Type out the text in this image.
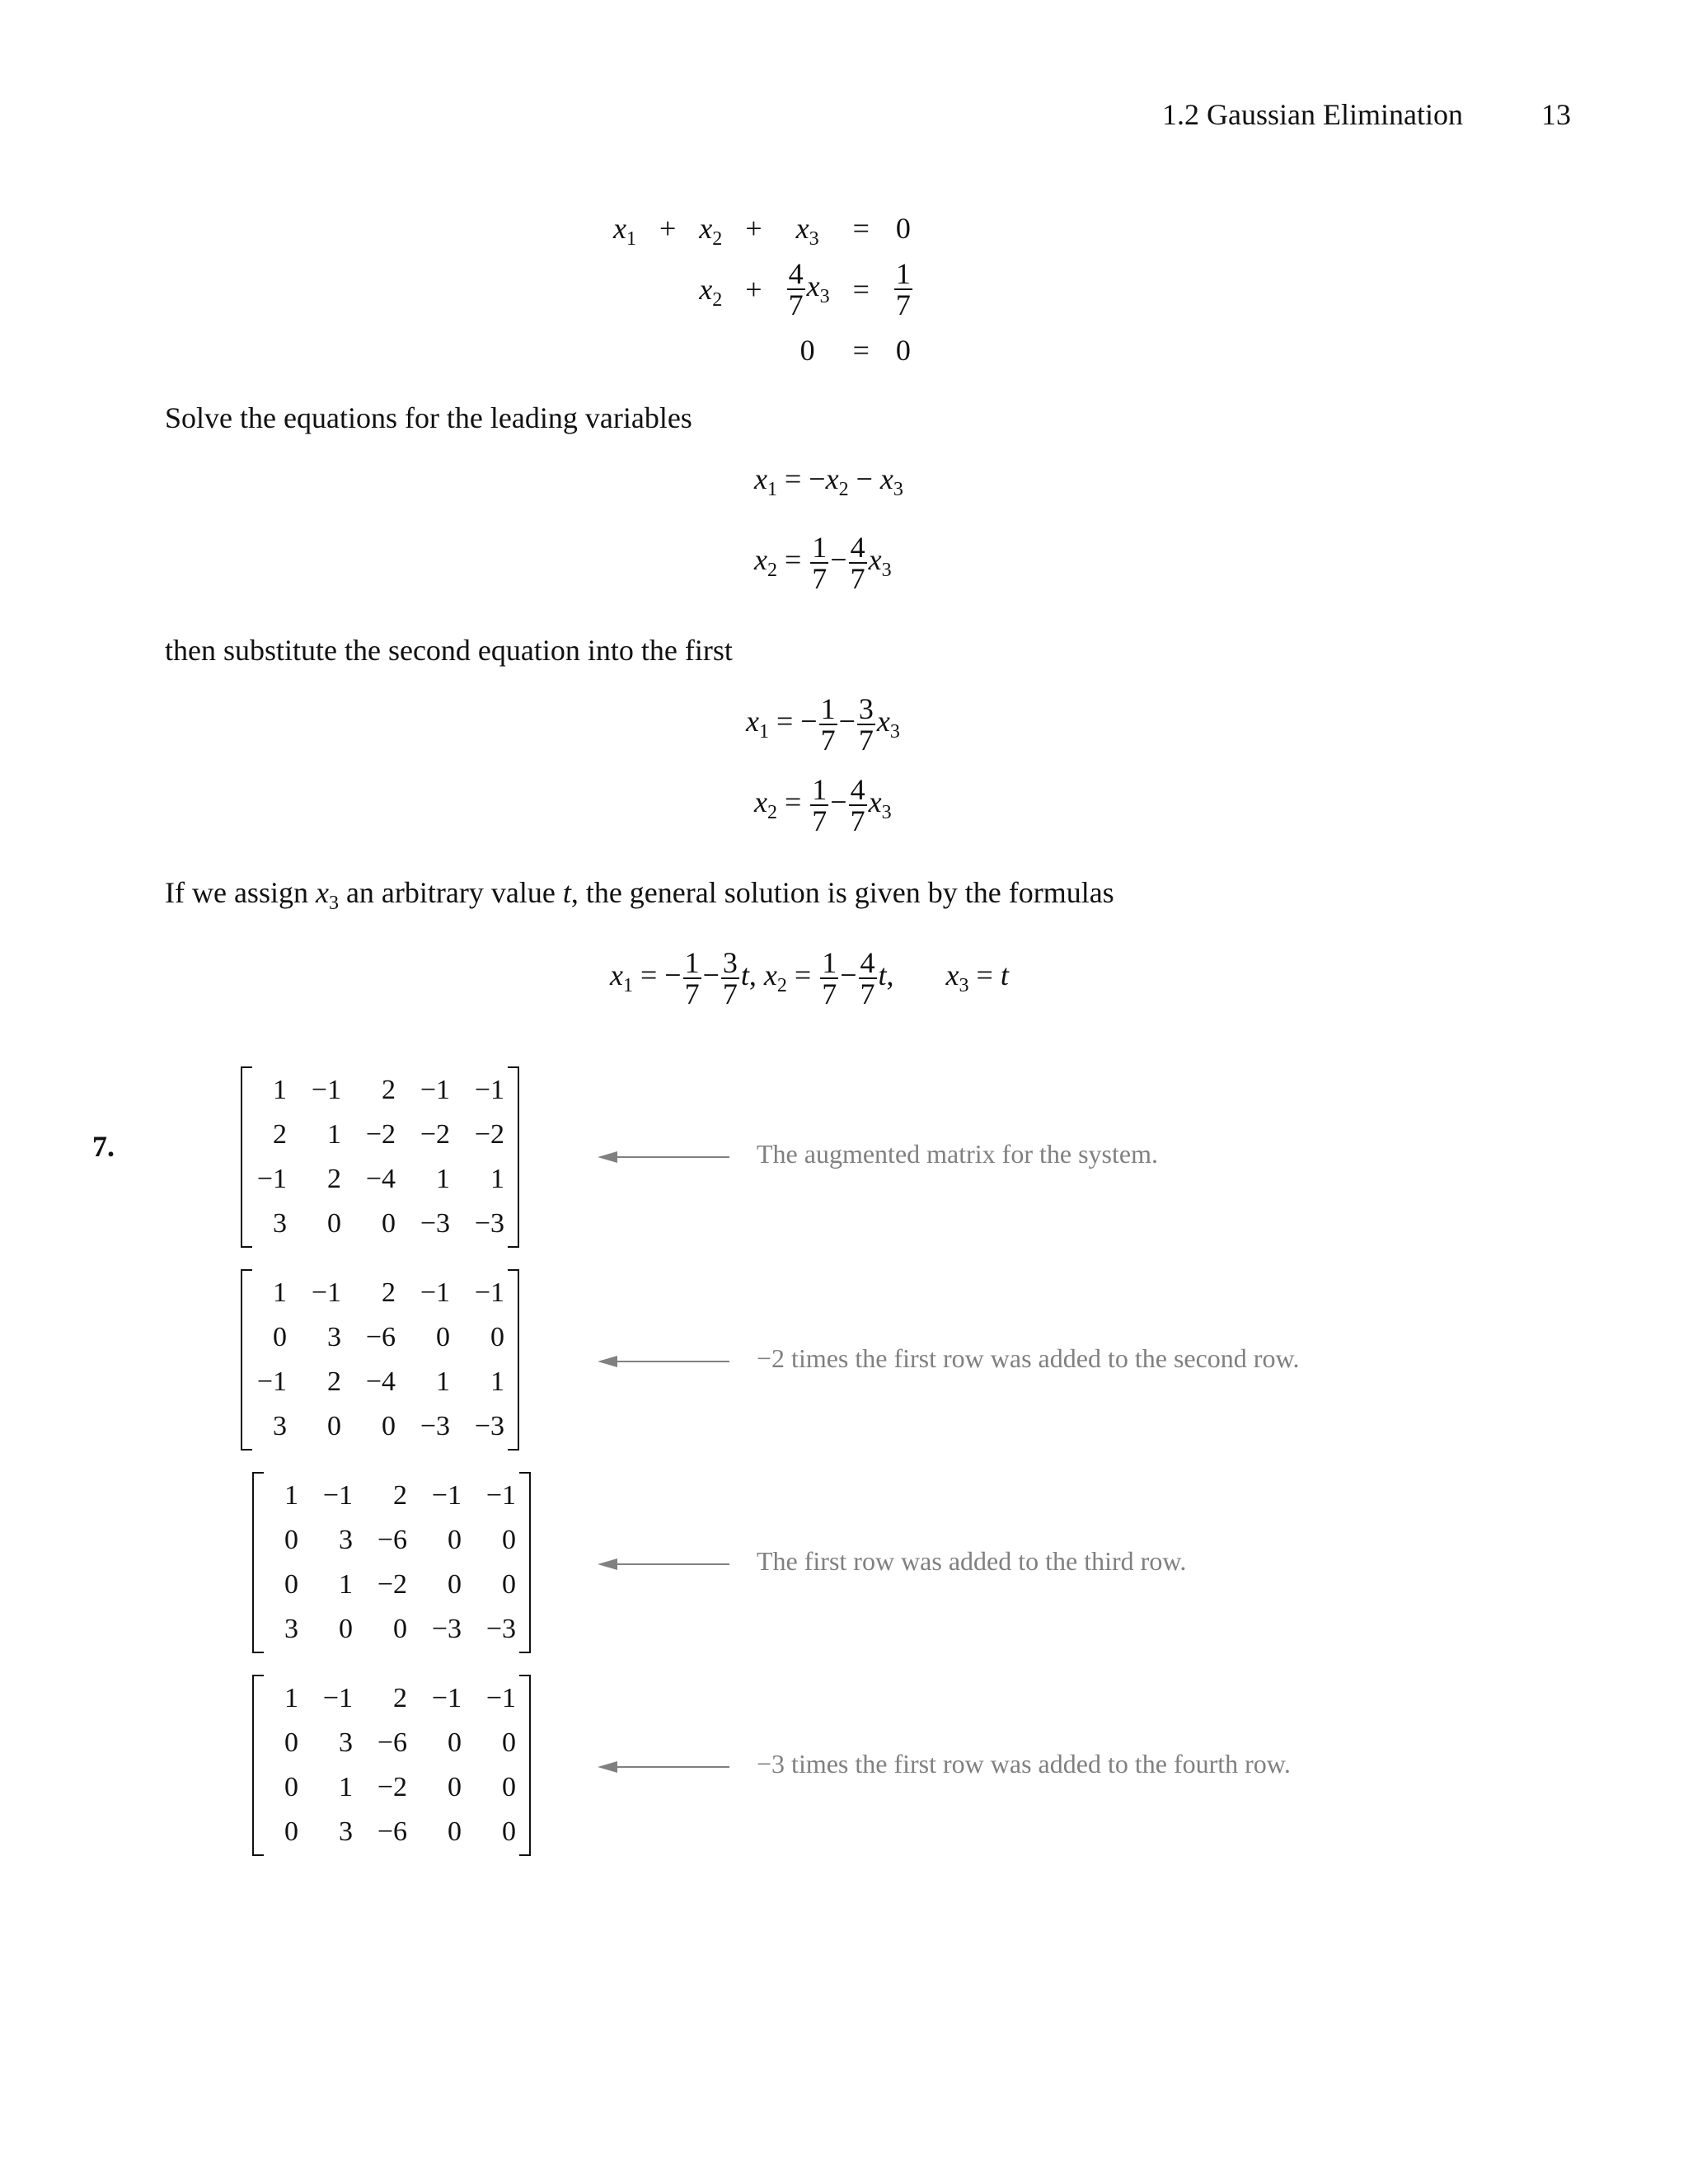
1.2 Gaussian Elimination	13
$x_1$	+	$x_2$	+	$x_3$	=	0
		$x_2$	+	$\frac{4}{7} x_3$	=	$\frac{1}{7}$

				0	=	0
Solve the equations for the leading variables
$x_1 = -x_2 - x_3$
$x_2 = \frac{1}{7} - \frac{4}{7} x_3$
then substitute the second equation into the first
$x_1$ = − $\frac{1}{7} - \frac{3}{7} x_3$
$x_2 = \frac{1}{7} - \frac{4}{7} x_3$
If we assign $x_3$ an arbitrary value t, the general solution is given by the formulas
$x_1$ = − $\frac{1}{7} - \frac{3}{7} t$, $x_2 = \frac{1}{7} - \frac{4}{7} t$,       $x_3 = t$
7.
1	−1	2	−1	−1
2	1	−2	−2	−2
−1	2	−4	1	1
3	0	0	−3	−3
The augmented matrix for the system.
1	−1	2	−1	−1
0	3	−6	0	0
−1	2	−4	1	1
3	0	0	−3	−3
−2 times the first row was added to the second row.
1	−1	2	−1	−1
0	3	−6	0	0
0	1	−2	0	0
3	0	0	−3	−3
The first row was added to the third row.
1	−1	2	−1	−1
0	3	−6	0	0
0	1	−2	0	0
0	3	−6	0	0
−3 times the first row was added to the fourth row.
